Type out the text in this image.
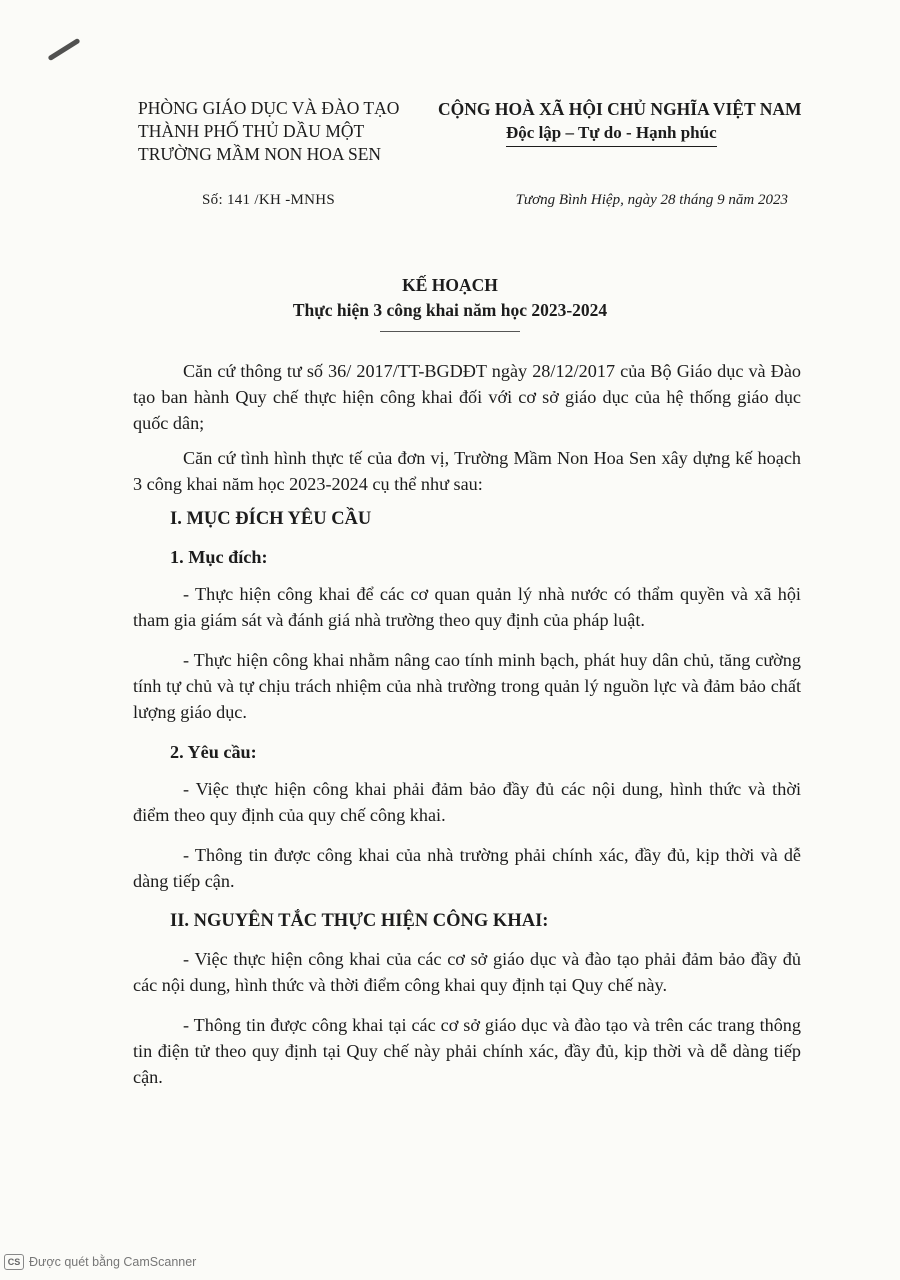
PHÒNG GIÁO DỤC VÀ ĐÀO TẠO
THÀNH PHỐ THỦ DẦU MỘT
TRƯỜNG MẦM NON HOA SEN
CỘNG HOÀ XÃ HỘI CHỦ NGHĨA VIỆT NAM
Độc lập – Tự do - Hạnh phúc
Số: 141 /KH -MNHS	Tương Bình Hiệp, ngày 28 tháng 9 năm 2023
KẾ HOẠCH
Thực hiện 3 công khai năm học 2023-2024

Căn cứ thông tư số 36/ 2017/TT-BGDĐT ngày 28/12/2017 của Bộ Giáo dục và Đào tạo ban hành Quy chế thực hiện công khai đối với cơ sở giáo dục của hệ thống giáo dục quốc dân;

Căn cứ tình hình thực tế của đơn vị, Trường Mầm Non Hoa Sen xây dựng kế hoạch 3 công khai năm học 2023-2024 cụ thể như sau:

I. MỤC ĐÍCH YÊU CẦU

1. Mục đích:

- Thực hiện công khai để các cơ quan quản lý nhà nước có thẩm quyền và xã hội tham gia giám sát và đánh giá nhà trường theo quy định của pháp luật.

- Thực hiện công khai nhằm nâng cao tính minh bạch, phát huy dân chủ, tăng cường tính tự chủ và tự chịu trách nhiệm của nhà trường trong quản lý nguồn lực và đảm bảo chất lượng giáo dục.

2. Yêu cầu:

- Việc thực hiện công khai phải đảm bảo đầy đủ các nội dung, hình thức và thời điểm theo quy định của quy chế công khai.

- Thông tin được công khai của nhà trường phải chính xác, đầy đủ, kịp thời và dễ dàng tiếp cận.

II. NGUYÊN TẮC THỰC HIỆN CÔNG KHAI:

- Việc thực hiện công khai của các cơ sở giáo dục và đào tạo phải đảm bảo đầy đủ các nội dung, hình thức và thời điểm công khai quy định tại Quy chế này.

- Thông tin được công khai tại các cơ sở giáo dục và đào tạo và trên các trang thông tin điện tử theo quy định tại Quy chế này phải chính xác, đầy đủ, kịp thời và dễ dàng tiếp cận.

CS Được quét bằng CamScanner
